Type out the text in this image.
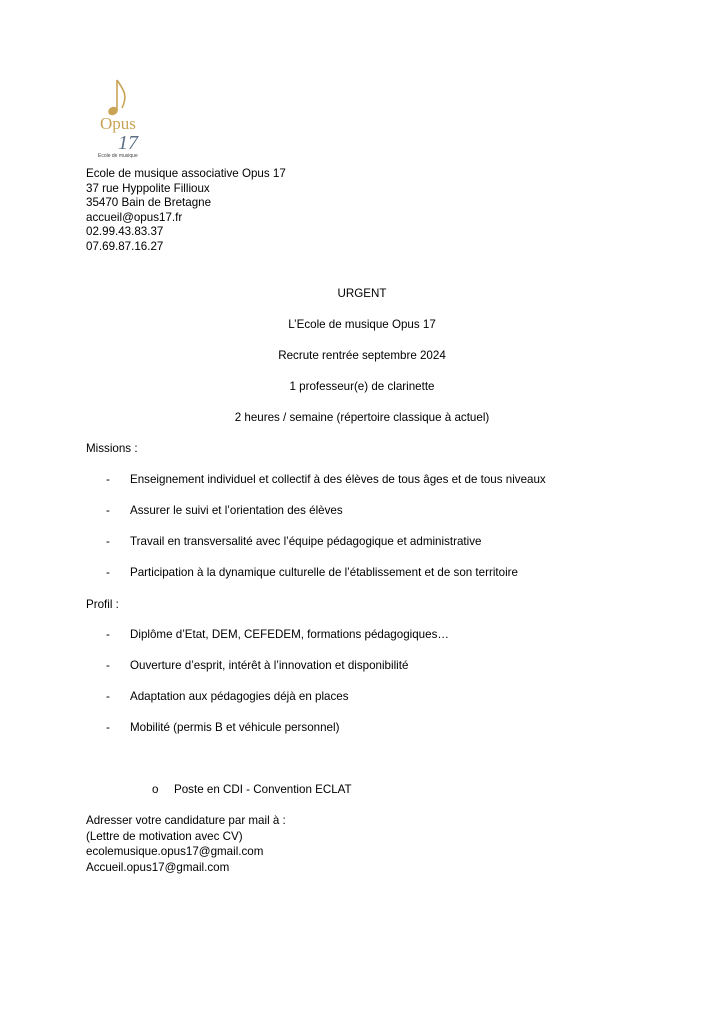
Opus
17
Ecole de musique
Ecole de musique associative Opus 17
37 rue Hyppolite Fillioux
35470 Bain de Bretagne
accueil@opus17.fr
02.99.43.83.37
07.69.87.16.27
URGENT
L’Ecole de musique Opus 17
Recrute rentrée septembre 2024
1 professeur(e) de clarinette
2 heures / semaine (répertoire classique à actuel)
Missions :
- Enseignement individuel et collectif à des élèves de tous âges et de tous niveaux
- Assurer le suivi et l’orientation des élèves
- Travail en transversalité avec l’équipe pédagogique et administrative
- Participation à la dynamique culturelle de l’établissement et de son territoire
Profil :
- Diplôme d’Etat, DEM, CEFEDEM, formations pédagogiques…
- Ouverture d’esprit, intérêt à l’innovation et disponibilité
- Adaptation aux pédagogies déjà en places
- Mobilité (permis B et véhicule personnel)
o Poste en CDI - Convention ECLAT
Adresser votre candidature par mail à :
(Lettre de motivation avec CV)
ecolemusique.opus17@gmail.com
Accueil.opus17@gmail.com
